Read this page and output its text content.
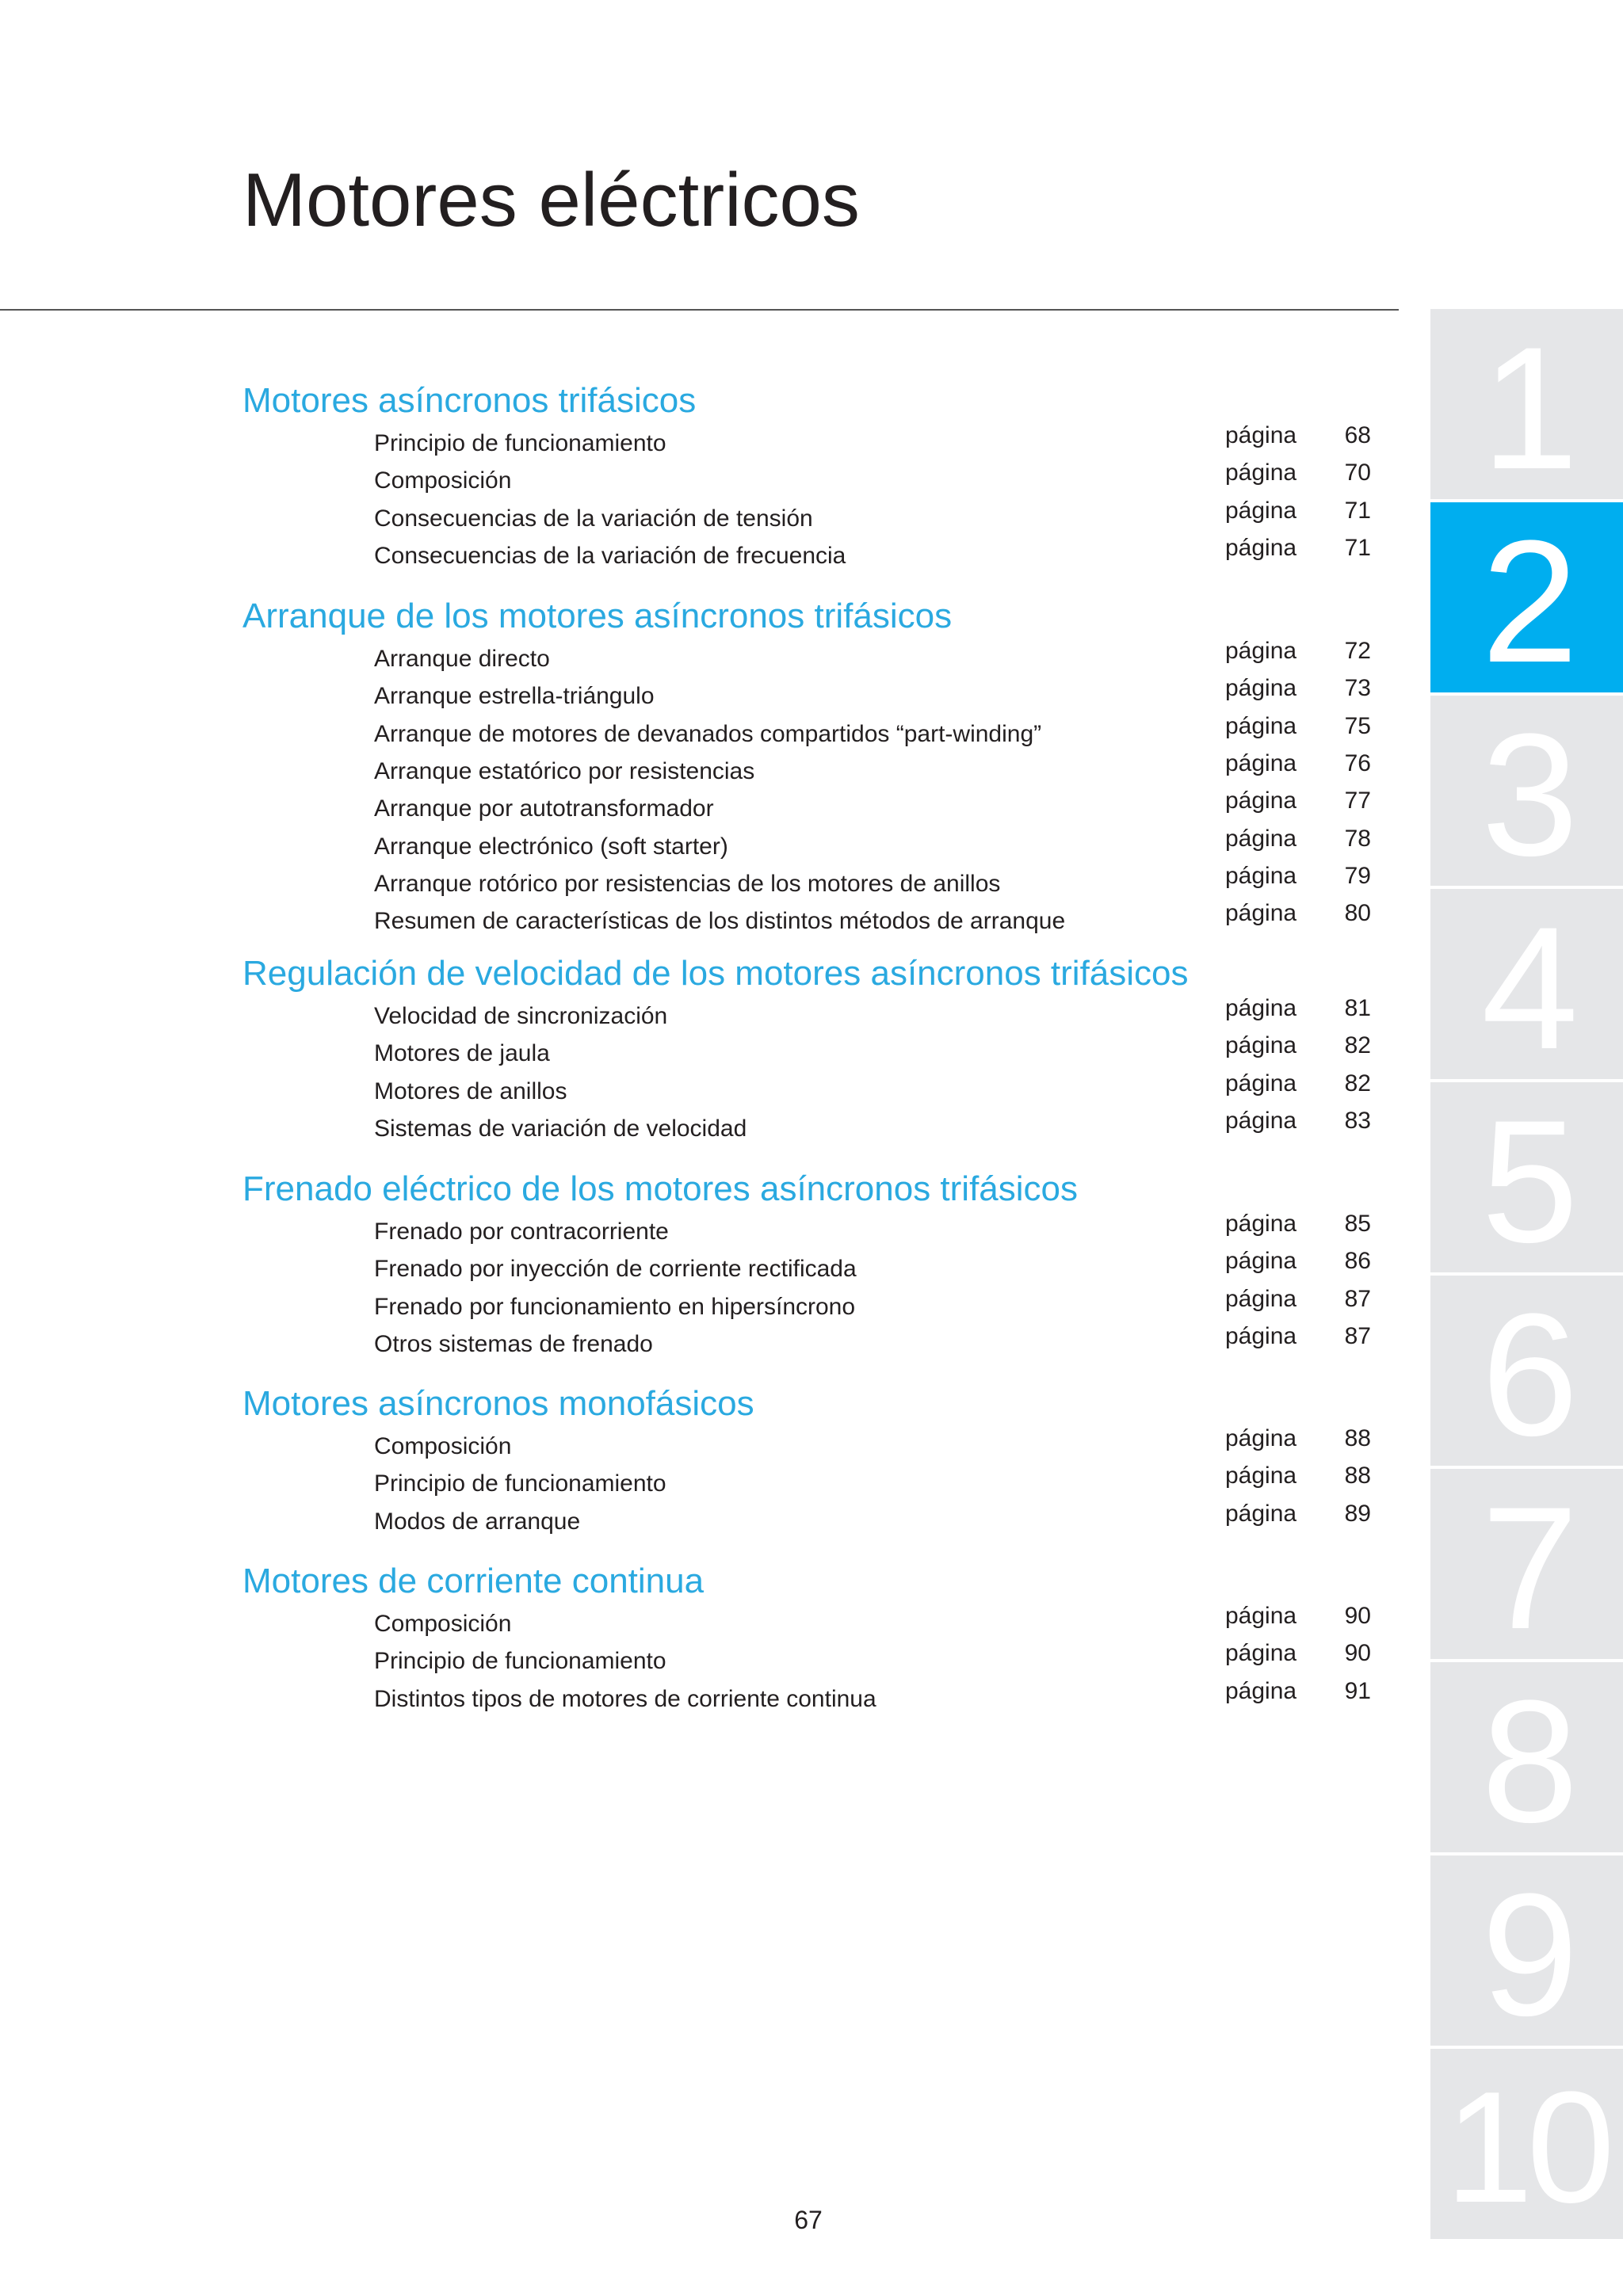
Motores eléctricos
Motores asíncronos trifásicos
Principio de funcionamiento	página	68
Composición	página	70
Consecuencias de la variación de tensión	página	71
Consecuencias de la variación de frecuencia	página	71
Arranque de los motores asíncronos trifásicos
Arranque directo	página	72
Arranque estrella-triángulo	página	73
Arranque de motores de devanados compartidos “part-winding”	página	75
Arranque estatórico por resistencias	página	76
Arranque por autotransformador	página	77
Arranque electrónico (soft starter)	página	78
Arranque rotórico por resistencias de los motores de anillos	página	79
Resumen de características de los distintos métodos de arranque	página	80
Regulación de velocidad de los motores asíncronos trifásicos
Velocidad de sincronización	página	81
Motores de jaula	página	82
Motores de anillos	página	82
Sistemas de variación de velocidad	página	83
Frenado eléctrico de los motores asíncronos trifásicos
Frenado por contracorriente	página	85
Frenado por inyección de corriente rectificada	página	86
Frenado por funcionamiento en hipersíncrono	página	87
Otros sistemas de frenado	página	87
Motores asíncronos monofásicos
Composición	página	88
Principio de funcionamiento	página	88
Modos de arranque	página	89
Motores de corriente continua
Composición	página	90
Principio de funcionamiento	página	90
Distintos tipos de motores de corriente continua	página	91
1
2
3
4
5
6
7
8
9
10
67
